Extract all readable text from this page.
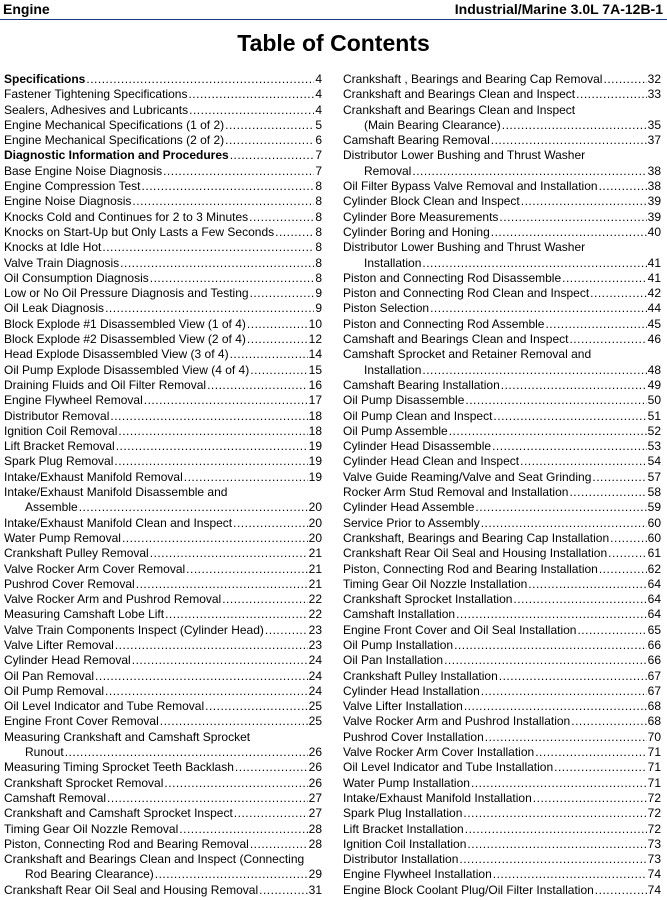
Engine	Industrial/Marine 3.0L 7A-12B-1
Table of Contents
Specifications .....	4
Fastener Tightening Specifications .....	4
Sealers, Adhesives and Lubricants .....	4
Engine Mechanical Specifications (1 of 2) .....	5
Engine Mechanical Specifications (2 of 2) .....	6
Diagnostic Information and Procedures .....	7
Base Engine Noise Diagnosis .....	7
Engine Compression Test .....	8
Engine Noise Diagnosis .....	8
Knocks Cold and Continues for 2 to 3 Minutes .....	8
Knocks on Start-Up but Only Lasts a Few Seconds .....	8
Knocks at Idle Hot .....	8
Valve Train Diagnosis .....	8
Oil Consumption Diagnosis .....	8
Low or No Oil Pressure Diagnosis and Testing .....	9
Oil Leak Diagnosis .....	9
Block Explode #1 Disassembled View (1 of 4) .....	10
Block Explode #2 Disassembled View (2 of 4) .....	12
Head Explode Disassembled View (3 of 4) .....	14
Oil Pump Explode Disassembled View (4 of 4) .....	15
Draining Fluids and Oil Filter Removal .....	16
Engine Flywheel Removal .....	17
Distributor Removal .....	18
Ignition Coil Removal .....	18
Lift Bracket Removal .....	19
Spark Plug Removal .....	19
Intake/Exhaust Manifold Removal .....	19
Intake/Exhaust Manifold Disassemble and
Assemble .....	20
Intake/Exhaust Manifold Clean and Inspect .....	20
Water Pump Removal .....	20
Crankshaft Pulley Removal .....	21
Valve Rocker Arm Cover Removal .....	21
Pushrod Cover Removal .....	21
Valve Rocker Arm and Pushrod Removal .....	22
Measuring Camshaft Lobe Lift .....	22
Valve Train Components Inspect (Cylinder Head) .....	23
Valve Lifter Removal .....	23
Cylinder Head Removal .....	24
Oil Pan Removal .....	24
Oil Pump Removal .....	24
Oil Level Indicator and Tube Removal .....	25
Engine Front Cover Removal .....	25
Measuring Crankshaft and Camshaft Sprocket
Runout .....	26
Measuring Timing Sprocket Teeth Backlash .....	26
Crankshaft Sprocket Removal .....	26
Camshaft Removal .....	27
Crankshaft and Camshaft Sprocket Inspect .....	27
Timing Gear Oil Nozzle Removal .....	28
Piston, Connecting Rod and Bearing Removal .....	28
Crankshaft and Bearings Clean and Inspect (Connecting
Rod Bearing Clearance) .....	29
Crankshaft Rear Oil Seal and Housing Removal .....	31
Crankshaft , Bearings and Bearing Cap Removal .....	32
Crankshaft and Bearings Clean and Inspect .....	33
Crankshaft and Bearings Clean and Inspect
(Main Bearing Clearance) .....	35
Camshaft Bearing Removal .....	37
Distributor Lower Bushing and Thrust Washer
Removal .....	38
Oil Filter Bypass Valve Removal and Installation .....	38
Cylinder Block Clean and Inspect .....	39
Cylinder Bore Measurements .....	39
Cylinder Boring and Honing .....	40
Distributor Lower Bushing and Thrust Washer
Installation .....	41
Piston and Connecting Rod Disassemble .....	41
Piston and Connecting Rod Clean and Inspect .....	42
Piston Selection .....	44
Piston and Connecting Rod Assemble .....	45
Camshaft and Bearings Clean and Inspect .....	46
Camshaft Sprocket and Retainer Removal and
Installation .....	48
Camshaft Bearing Installation .....	49
Oil Pump Disassemble .....	50
Oil Pump Clean and Inspect .....	51
Oil Pump Assemble .....	52
Cylinder Head Disassemble .....	53
Cylinder Head Clean and Inspect .....	54
Valve Guide Reaming/Valve and Seat Grinding .....	57
Rocker Arm Stud Removal and Installation .....	58
Cylinder Head Assemble .....	59
Service Prior to Assembly .....	60
Crankshaft, Bearings and Bearing Cap Installation .....	60
Crankshaft Rear Oil Seal and Housing Installation .....	61
Piston, Connecting Rod and Bearing Installation .....	62
Timing Gear Oil Nozzle Installation .....	64
Crankshaft Sprocket Installation .....	64
Camshaft Installation .....	64
Engine Front Cover and Oil Seal Installation .....	65
Oil Pump Installation .....	66
Oil Pan Installation .....	66
Crankshaft Pulley Installation .....	67
Cylinder Head Installation .....	67
Valve Lifter Installation .....	68
Valve Rocker Arm and Pushrod Installation .....	68
Pushrod Cover Installation .....	70
Valve Rocker Arm Cover Installation .....	71
Oil Level Indicator and Tube Installation .....	71
Water Pump Installation .....	71
Intake/Exhaust Manifold Installation .....	72
Spark Plug Installation .....	72
Lift Bracket Installation .....	72
Ignition Coil Installation .....	73
Distributor Installation .....	73
Engine Flywheel Installation .....	74
Engine Block Coolant Plug/Oil Filter Installation .....	74
